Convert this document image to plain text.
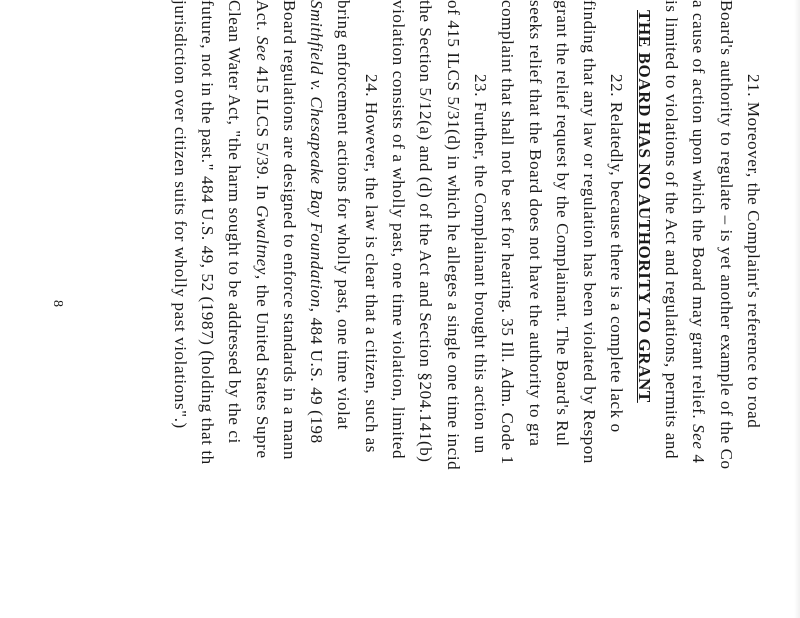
21. Moreover, the Complaint's reference to road
Board's authority to regulate – is yet another example of the Co
a cause of action upon which the Board may grant relief. See 4
is limited to violations of the Act and regulations, permits and
THE BOARD HAS NO AUTHORITY TO GRANT
22. Relatedly, because there is a complete lack o
finding that any law or regulation has been violated by Respon
grant the relief request by the Complainant. The Board's Rul
seeks relief that the Board does not have the authority to gra
complaint that shall not be set for hearing. 35 Ill. Adm. Code 1
23. Further, the Complainant brought this action un
of 415 ILCS 5/31(d) in which he alleges a single one time incid
the Section 5/12(a) and (d) of the Act and Section §204.141(b)
violation consists of a wholly past, one time violation, limited
24. However, the law is clear that a citizen, such as
bring enforcement actions for wholly past, one time violat
Smithfield v. Chesapeake Bay Foundation, 484 U.S. 49 (198
Board regulations are designed to enforce standards in a mann
Act. See 415 ILCS 5/39. In Gwaltney, the United States Supre
Clean Water Act, "the harm sought to be addressed by the ci
future, not in the past." 484 U.S. 49, 52 (1987) (holding that th
jurisdiction over citizen suits for wholly past violations".)
8
